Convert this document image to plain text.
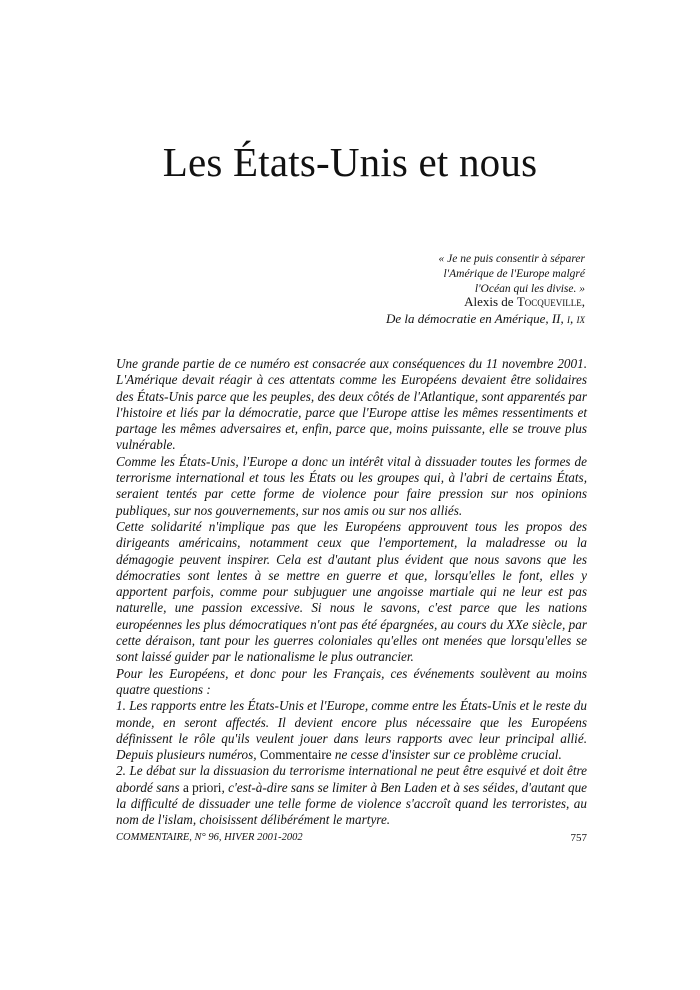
Les États-Unis et nous
« Je ne puis consentir à séparer
l'Amérique de l'Europe malgré
l'Océan qui les divise. »
Alexis de Tocqueville,
De la démocratie en Amérique, II, i, ix

Une grande partie de ce numéro est consacrée aux conséquences du 11 novembre 2001. L'Amérique devait réagir à ces attentats comme les Européens devaient être solidaires des États-Unis parce que les peuples, des deux côtés de l'Atlantique, sont apparentés par l'histoire et liés par la démocratie, parce que l'Europe attise les mêmes ressentiments et partage les mêmes adversaires et, enfin, parce que, moins puissante, elle se trouve plus vulnérable.

Comme les États-Unis, l'Europe a donc un intérêt vital à dissuader toutes les formes de terrorisme international et tous les États ou les groupes qui, à l'abri de certains États, seraient tentés par cette forme de violence pour faire pression sur nos opinions publiques, sur nos gouvernements, sur nos amis ou sur nos alliés.

Cette solidarité n'implique pas que les Européens approuvent tous les propos des dirigeants américains, notamment ceux que l'emportement, la maladresse ou la démagogie peuvent inspirer. Cela est d'autant plus évident que nous savons que les démocraties sont lentes à se mettre en guerre et que, lorsqu'elles le font, elles y apportent parfois, comme pour subjuguer une angoisse martiale qui ne leur est pas naturelle, une passion excessive. Si nous le savons, c'est parce que les nations européennes les plus démocratiques n'ont pas été épargnées, au cours du XXe siècle, par cette déraison, tant pour les guerres coloniales qu'elles ont menées que lorsqu'elles se sont laissé guider par le nationalisme le plus outrancier.

Pour les Européens, et donc pour les Français, ces événements soulèvent au moins quatre questions :

1. Les rapports entre les États-Unis et l'Europe, comme entre les États-Unis et le reste du monde, en seront affectés. Il devient encore plus nécessaire que les Européens définissent le rôle qu'ils veulent jouer dans leurs rapports avec leur principal allié. Depuis plusieurs numéros, Commentaire ne cesse d'insister sur ce problème crucial.

2. Le débat sur la dissuasion du terrorisme international ne peut être esquivé et doit être abordé sans a priori, c'est-à-dire sans se limiter à Ben Laden et à ses séides, d'autant que la difficulté de dissuader une telle forme de violence s'accroît quand les terroristes, au nom de l'islam, choisissent délibérément le martyre.

COMMENTAIRE, N° 96, HIVER 2001-2002	757
